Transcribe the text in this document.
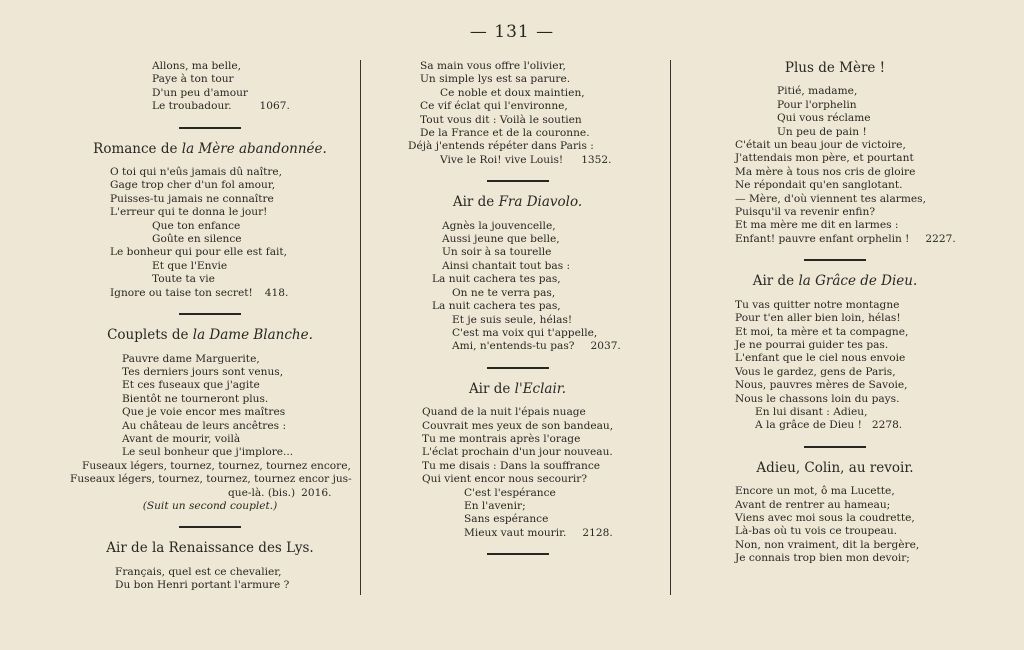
— 131 —
Allons, ma belle,
Paye à ton tour
D'un peu d'amour
Le troubadour.	1067.
Romance de la Mère abandonnée.
O toi qui n'eûs jamais dû naître,
Gage trop cher d'un fol amour,
Puisses-tu jamais ne connaître
L'erreur qui te donna le jour!
Que ton enfance
Goûte en silence
Le bonheur qui pour elle est fait,
Et que l'Envie
Toute ta vie
Ignore ou taise ton secret! 418.
Couplets de la Dame Blanche.
Pauvre dame Marguerite,
Tes derniers jours sont venus,
Et ces fuseaux que j'agite
Bientôt ne tourneront plus.
Que je voie encor mes maîtres
Au château de leurs ancêtres :
Avant de mourir, voilà
Le seul bonheur que j'implore...
Fuseaux légers, tournez, tournez, tournez encore,
Fuseaux légers, tournez, tournez, tournez encor jus-
que-là. (bis.) 2016.
(Suit un second couplet.)
Air de la Renaissance des Lys.
Français, quel est ce chevalier,
Du bon Henri portant l'armure ?
Sa main vous offre l'olivier,
Un simple lys est sa parure.
Ce noble et doux maintien,
Ce vif éclat qui l'environne,
Tout vous dit : Voilà le soutien
De la France et de la couronne.
Déjà j'entends répéter dans Paris :
Vive le Roi! vive Louis! 1352.
Air de Fra Diavolo.
Agnès la jouvencelle,
Aussi jeune que belle,
Un soir à sa tourelle
Ainsi chantait tout bas :
La nuit cachera tes pas,
On ne te verra pas,
La nuit cachera tes pas,
Et je suis seule, hélas!
C'est ma voix qui t'appelle,
Ami, n'entends-tu pas? 2037.
Air de l'Eclair.
Quand de la nuit l'épais nuage
Couvrait mes yeux de son bandeau,
Tu me montrais après l'orage
L'éclat prochain d'un jour nouveau.
Tu me disais : Dans la souffrance
Qui vient encor nous secourir?
C'est l'espérance
En l'avenir;
Sans espérance
Mieux vaut mourir. 2128.
Plus de Mère !
Pitié, madame,
Pour l'orphelin
Qui vous réclame
Un peu de pain !
C'était un beau jour de victoire,
J'attendais mon père, et pourtant
Ma mère à tous nos cris de gloire
Ne répondait qu'en sanglotant.
— Mère, d'où viennent tes alarmes,
Puisqu'il va revenir enfin?
Et ma mère me dit en larmes :
Enfant! pauvre enfant orphelin ! 2227.
Air de la Grâce de Dieu.
Tu vas quitter notre montagne
Pour t'en aller bien loin, hélas!
Et moi, ta mère et ta compagne,
Je ne pourrai guider tes pas.
L'enfant que le ciel nous envoie
Vous le gardez, gens de Paris,
Nous, pauvres mères de Savoie,
Nous le chassons loin du pays.
En lui disant : Adieu,
A la grâce de Dieu ! 2278.
Adieu, Colin, au revoir.
Encore un mot, ô ma Lucette,
Avant de rentrer au hameau;
Viens avec moi sous la coudrette,
Là-bas où tu vois ce troupeau.
Non, non vraiment, dit la bergère,
Je connais trop bien mon devoir;
